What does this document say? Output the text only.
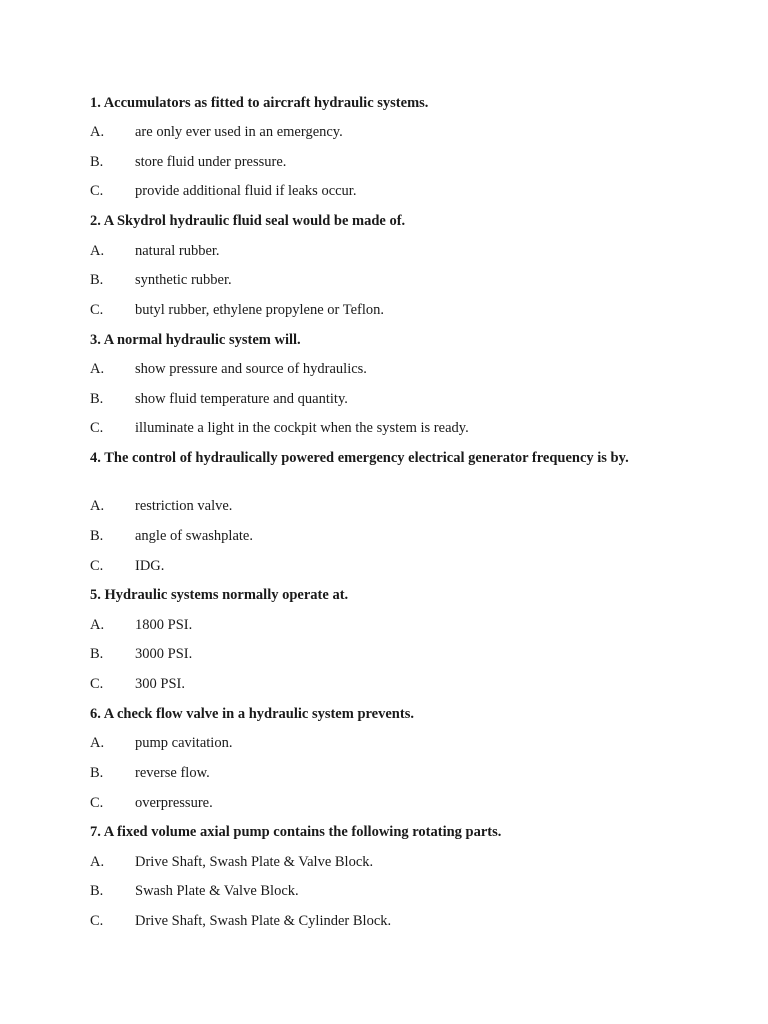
1. Accumulators as fitted to aircraft hydraulic systems.
A. are only ever used in an emergency.
B. store fluid under pressure.
C. provide additional fluid if leaks occur.
2. A Skydrol hydraulic fluid seal would be made of.
A. natural rubber.
B. synthetic rubber.
C. butyl rubber, ethylene propylene or Teflon.
3. A normal hydraulic system will.
A. show pressure and source of hydraulics.
B. show fluid temperature and quantity.
C. illuminate a light in the cockpit when the system is ready.
4. The control of hydraulically powered emergency electrical generator frequency is by.
A. restriction valve.
B. angle of swashplate.
C. IDG.
5. Hydraulic systems normally operate at.
A. 1800 PSI.
B. 3000 PSI.
C. 300 PSI.
6. A check flow valve in a hydraulic system prevents.
A. pump cavitation.
B. reverse flow.
C. overpressure.
7. A fixed volume axial pump contains the following rotating parts.
A. Drive Shaft, Swash Plate & Valve Block.
B. Swash Plate & Valve Block.
C. Drive Shaft, Swash Plate & Cylinder Block.
